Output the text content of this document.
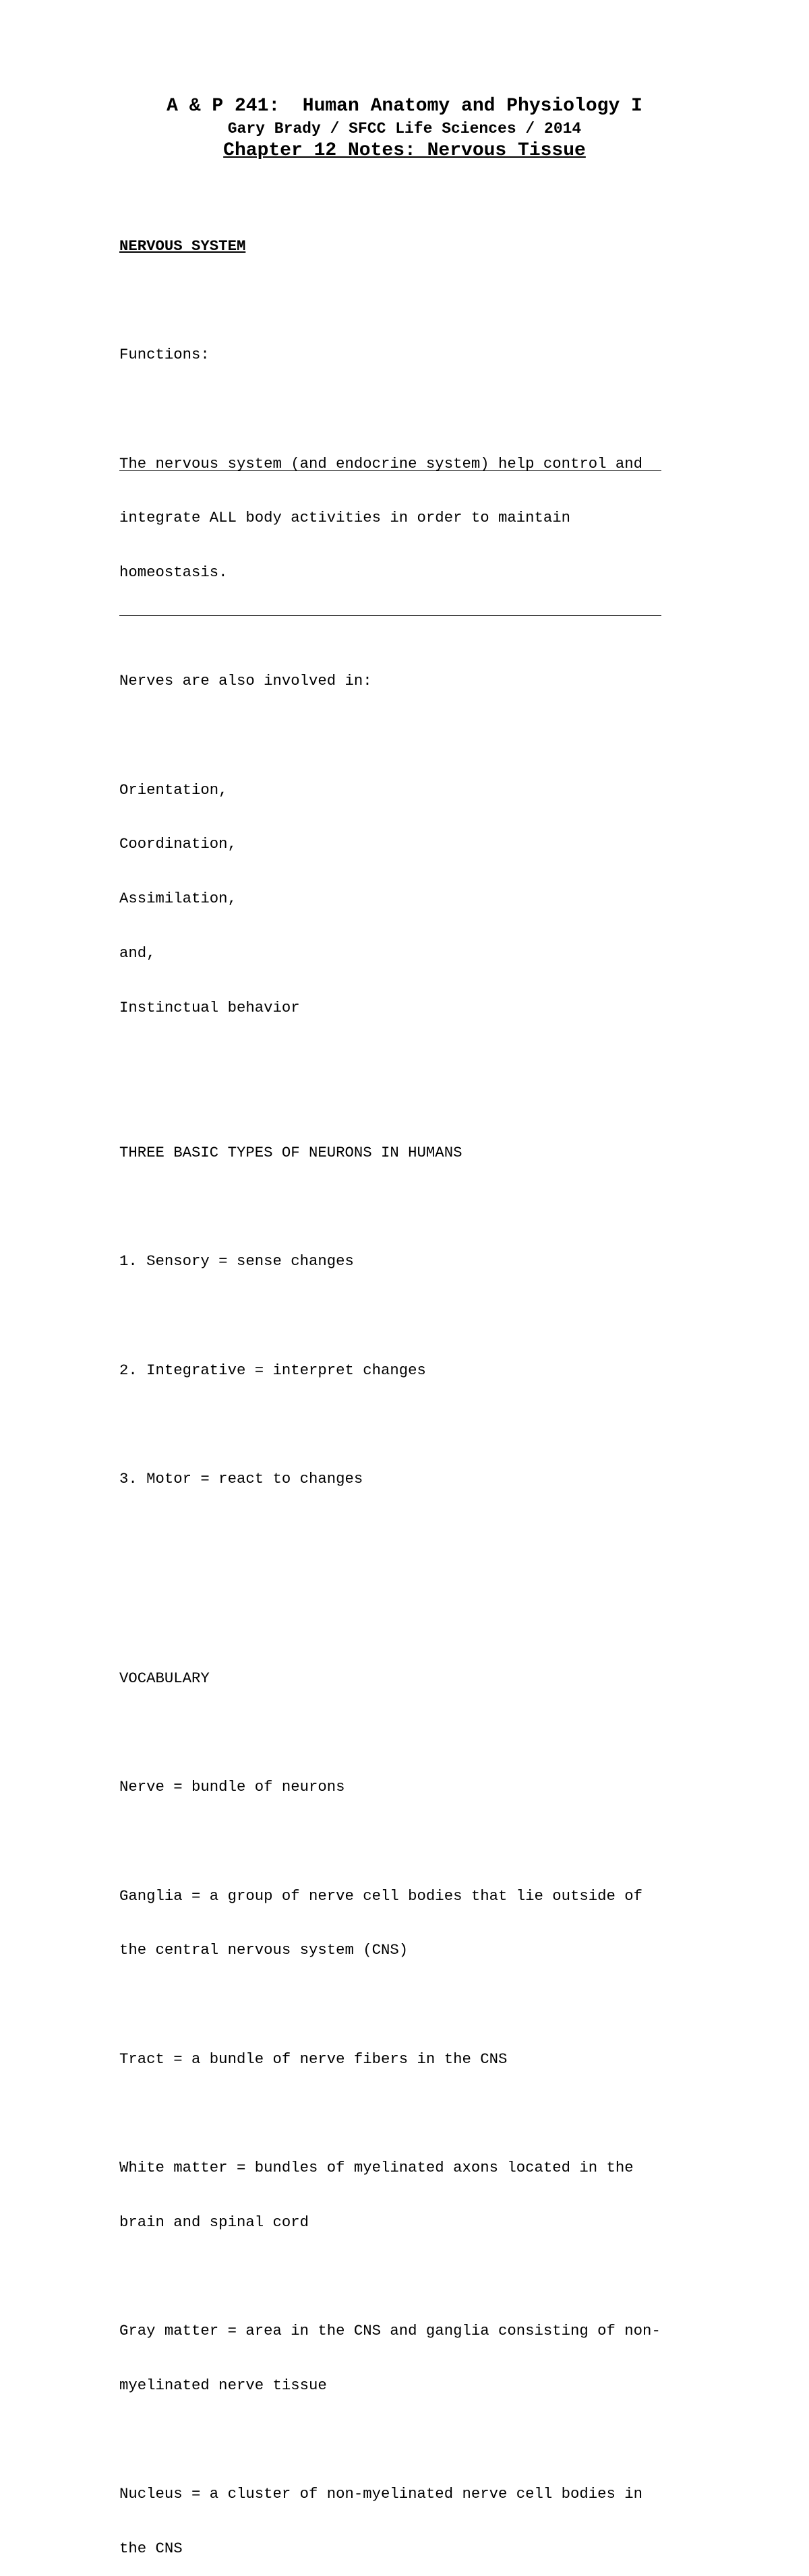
A & P 241:  Human Anatomy and Physiology I
Gary Brady / SFCC Life Sciences / 2014
Chapter 12 Notes: Nervous Tissue

NERVOUS SYSTEM

Functions:

The nervous system (and endocrine system) help control and

integrate ALL body activities in order to maintain

homeostasis.

Nerves are also involved in:

Orientation,

Coordination,

Assimilation,

and,

Instinctual behavior

THREE BASIC TYPES OF NEURONS IN HUMANS

1. Sensory = sense changes

2. Integrative = interpret changes

3. Motor = react to changes

VOCABULARY

Nerve = bundle of neurons

Ganglia = a group of nerve cell bodies that lie outside of

the central nervous system (CNS)

Tract = a bundle of nerve fibers in the CNS

White matter = bundles of myelinated axons located in the

brain and spinal cord

Gray matter = area in the CNS and ganglia consisting of non-

myelinated nerve tissue

Nucleus = a cluster of non-myelinated nerve cell bodies in

the CNS
